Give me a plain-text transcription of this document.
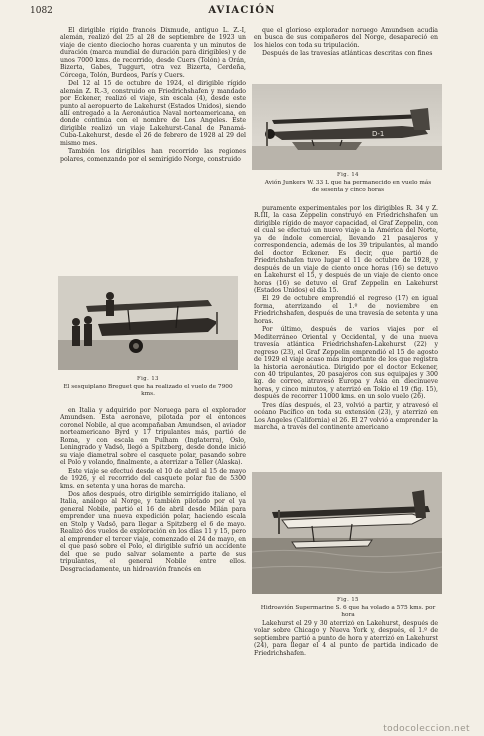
1082	AVIACIÓN

El dirigible rígido francés Dixmude, antiguo L. Z.-I, alemán, realizó del 25 al 28 de septiembre de 1923 un viaje de ciento dieciocho horas cuarenta y un minutos de duración (marca mundial de duración para dirigibles) y de unos 7000 kms. de recorrido, desde Cuers (Tolón) a Orán, Bizerta, Gabes, Tuggurt, otra vez Bizerta, Cerdeña, Córcega, Tolón, Burdeos, París y Cuers.

Del 12 al 15 de octubre de 1924, el dirigible rígido alemán Z. R.-3, construido en Friedrichshafen y mandado por Eckener, realizó el viaje, sin escala (4), desde este punto al aeropuerto de Lakehurst (Estados Unidos), siendo allí entregado a la Aeronáutica Naval norteamericana, en donde continúa con el nombre de Los Angeles. Este dirigible realizó un viaje Lakehurst-Canal de Panamá-Cuba-Lakehurst, desde el 26 de febrero de 1928 al 29 del mismo mes.

También los dirigibles han recorrido las regiones polares, comenzando por el semirígido Norge, construido

que el glorioso explorador noruego Amundsen acudía en busca de sus compañeros del Norge, desapareció en los hielos con toda su tripulación.

Después de las travesías atlánticas descritas con fines

D-1
Fig. 14
Avión Junkers W. 33 L que ha permanecido en vuelo más de sesenta y cinco horas

puramente experimentales por los dirigibles R. 34 y Z. R.III, la casa Zeppelin construyó en Friedrichshafen un dirigible rígido de mayor capacidad, el Graf Zeppelin, con el cual se efectuó un nuevo viaje a la América del Norte, ya de índole comercial, llevando 21 pasajeros y correspondencia, además de los 39 tripulantes, al mando del doctor Eckener. Es decir, que partió de Friedrichshafen tuvo lugar el 11 de octubre de 1928, y después de un viaje de ciento once horas (16) se detuvo en Lakehurst el 15, y después de un viaje de ciento once horas (16) se detuvo el Graf Zeppelin en Lakehurst (Estados Unidos) el día 15.

El 29 de octubre emprendió el regreso (17) en igual forma, aterrizando el 1.º de noviembre en Friedrichshafen, después de una travesía de setenta y una horas.

Por último, después de varios viajes por el Mediterráneo Oriental y Occidental, y de una nueva travesía atlántica Friedrichshafen-Lakehurst (22) y regreso (23), el Graf Zeppelin emprendió el 15 de agosto de 1929 el viaje acaso más importante de los que registra la historia aeronáutica. Dirigido por el doctor Eckener, con 40 tripulantes, 20 pasajeros con sus equipajes y 300 kg. de correo, atravesó Europa y Asia en diecinueve horas, y cinco minutos, y aterrizó en Tokio el 19 (fig. 15), después de recorrer 11000 kms. en un solo vuelo (26).

Tres días después, el 23, volvió a partir, y atravesó el océano Pacífico en toda su extensión (23), y aterrizó en Los Angeles (California) el 26. El 27 volvió a emprender la marcha, a través del continente americano

Fig. 13
El sesquiplano Breguet que ha realizado el vuelo de 7900 kms.

en Italia y adquirido por Noruega para el explorador Amundsen. Esta aeronave, pilotada por el entonces coronel Nobile, al que acompañaban Amundsen, el aviador norteamericano Byrd y 17 tripulantes más, partió de Roma, y con escala en Pulham (Inglaterra), Oslo, Leningrado y Vadsö, llegó a Spitzberg, desde donde inició su viaje diametral sobre el casquete polar, pasando sobre el Polo y volando, finalmente, a aterrizar a Teller (Alaska).

Este viaje se efectuó desde el 10 de abril al 15 de mayo de 1926, y el recorrido del casquete polar fue de 5300 kms. en setenta y una horas de marcha.

Dos años después, otro dirigible semirrígido italiano, el Italia, análogo al Norge, y también pilotado por el ya general Nobile, partió el 16 de abril desde Milán para emprender una nueva expedición polar, haciendo escala en Stolp y Vadsö, para llegar a Spitzberg el 6 de mayo. Realizó dos vuelos de exploración en los días 11 y 15, pero al emprender el tercer viaje, comenzado el 24 de mayo, en el que pasó sobre el Polo, el dirigible sufrió un accidente del que se pudo salvar solamente a parte de sus tripulantes, el general Nobile entre ellos. Desgraciadamente, un hidroavión francés en

Fig. 15
Hidroavión Supermarine S. 6 que ha volado a 575 kms. por hora

Lakehurst el 29 y 30 aterrizó en Lakehurst, después de volar sobre Chicago y Nueva York y, después, el 1.º de septiembre partió a punto de hora y aterrizó en Lakehurst (24), para llegar el 4 al punto de partida indicado de Friedrichshafen.

todocoleccion.net
